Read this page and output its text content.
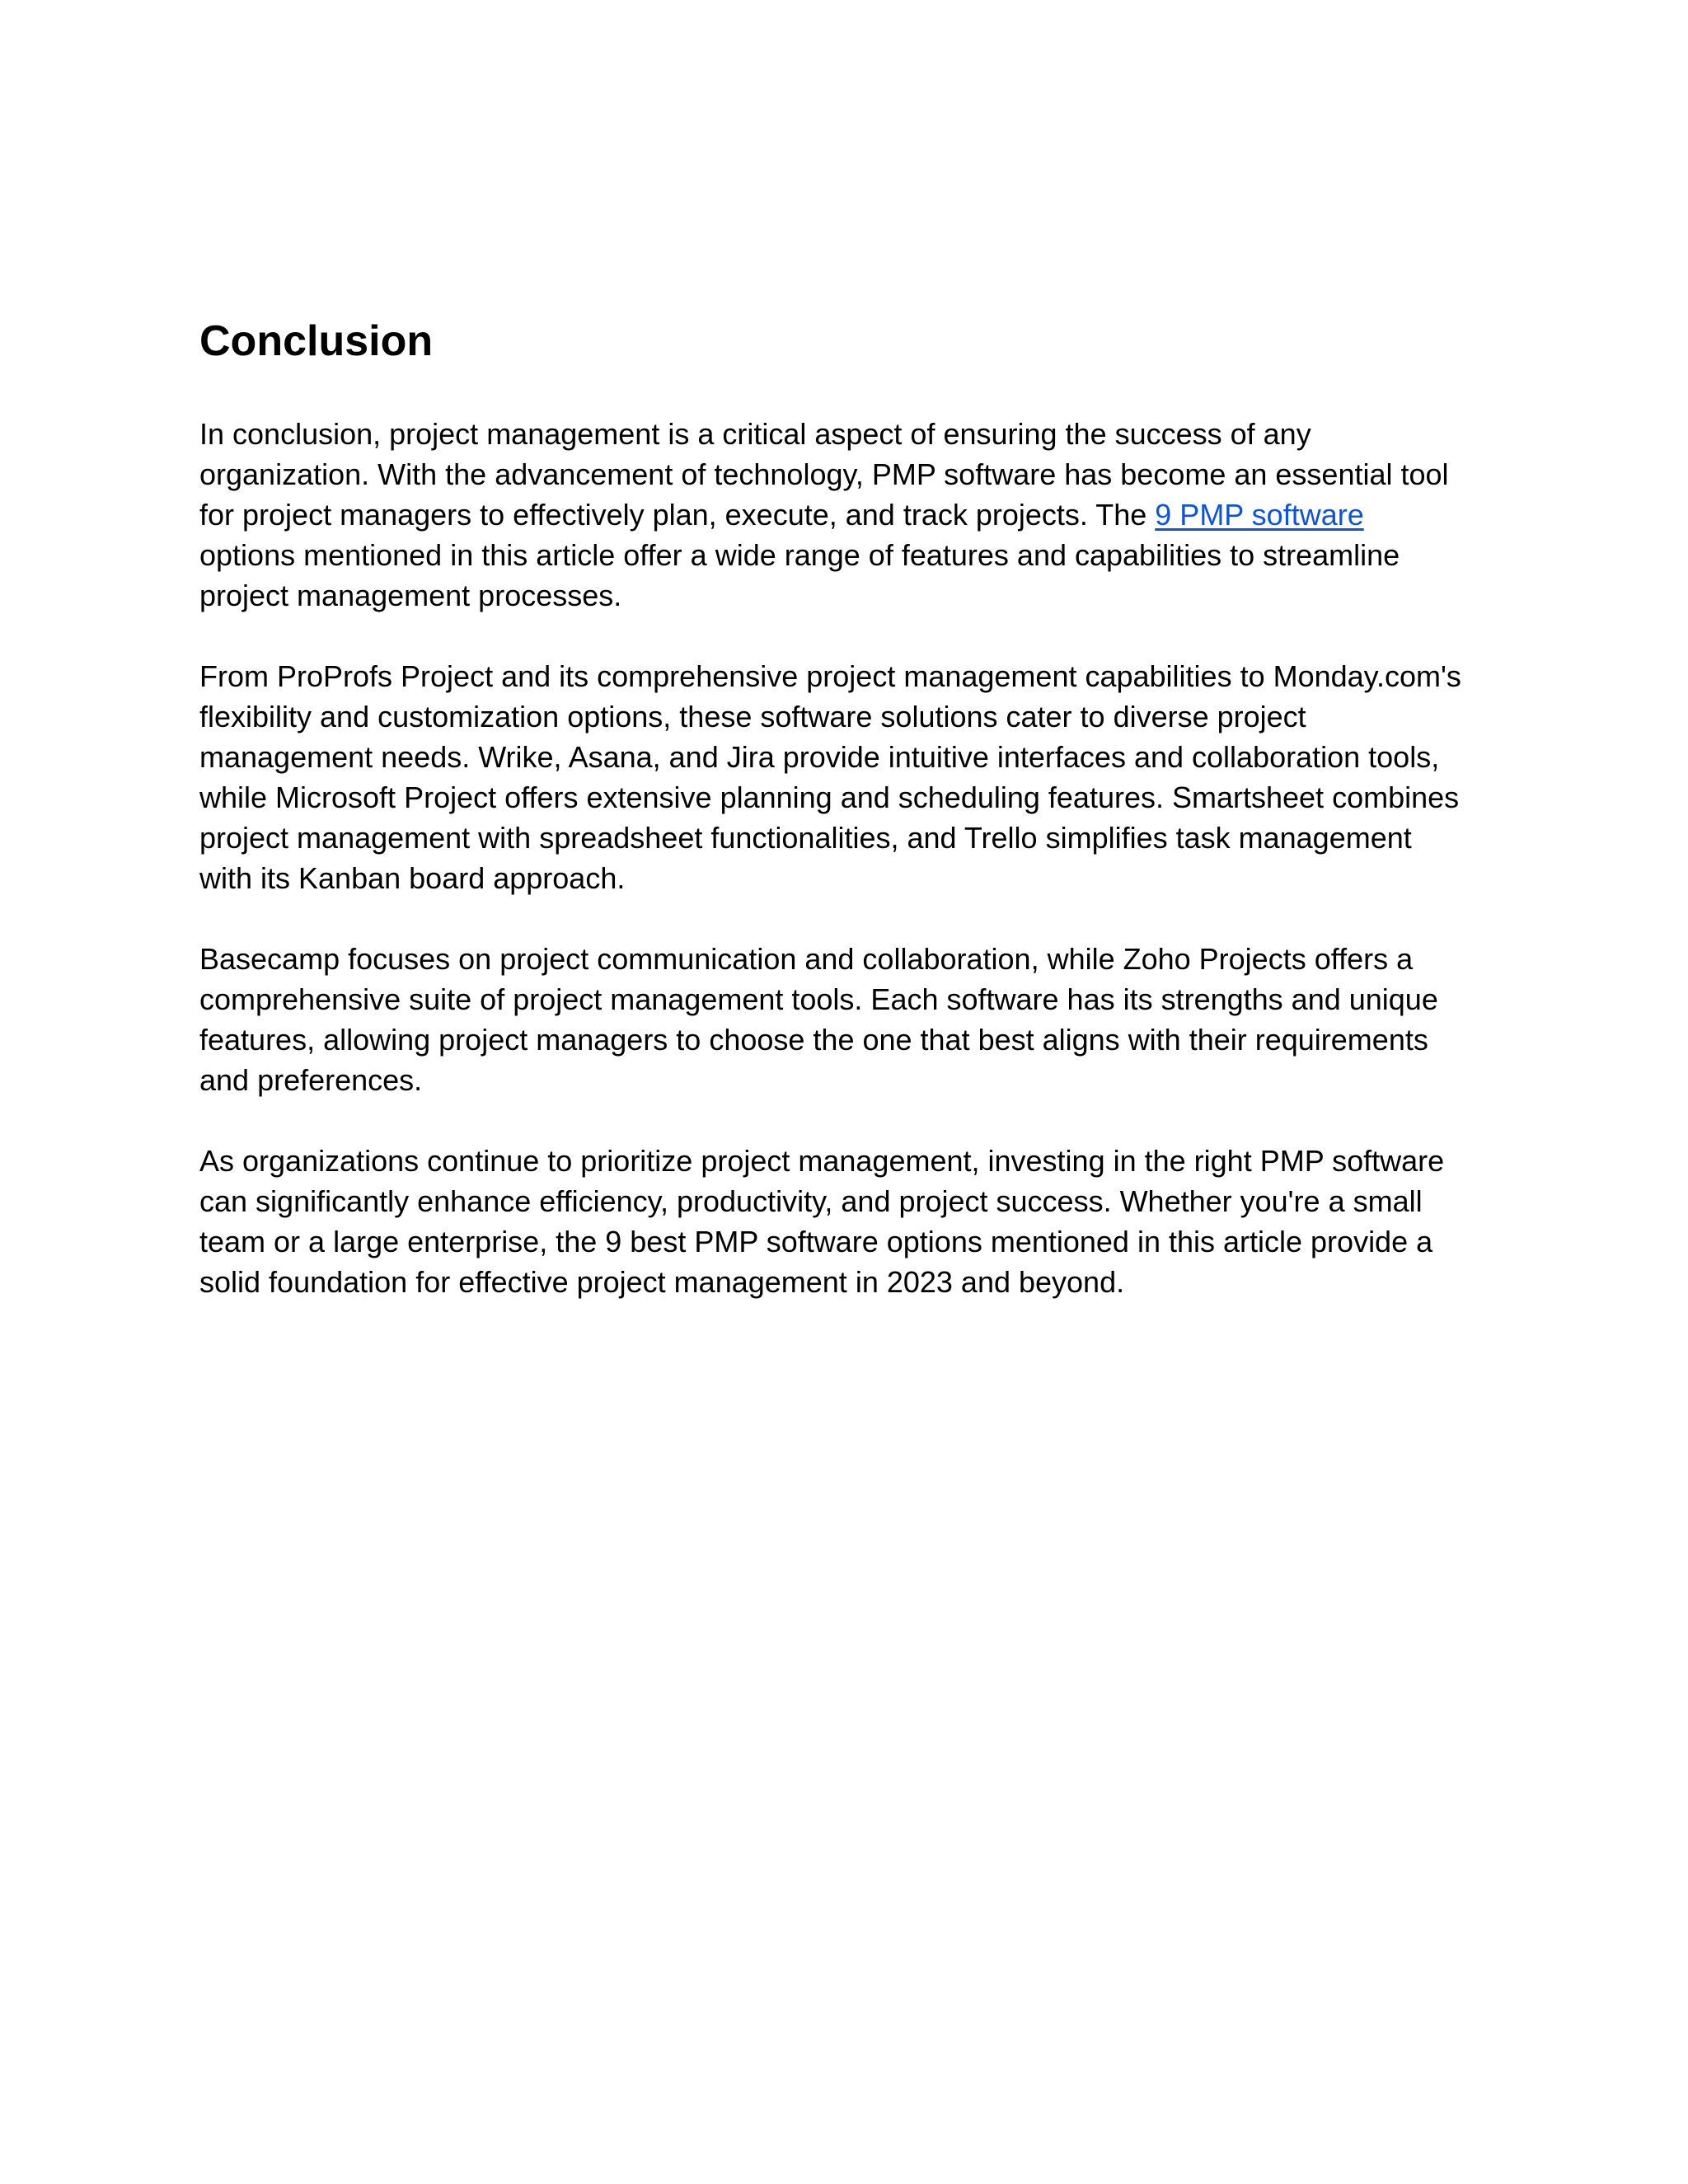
Conclusion

In conclusion, project management is a critical aspect of ensuring the success of any
organization. With the advancement of technology, PMP software has become an essential tool
for project managers to effectively plan, execute, and track projects. The 9 PMP software
options mentioned in this article offer a wide range of features and capabilities to streamline
project management processes.

From ProProfs Project and its comprehensive project management capabilities to Monday.com's
flexibility and customization options, these software solutions cater to diverse project
management needs. Wrike, Asana, and Jira provide intuitive interfaces and collaboration tools,
while Microsoft Project offers extensive planning and scheduling features. Smartsheet combines
project management with spreadsheet functionalities, and Trello simplifies task management
with its Kanban board approach.

Basecamp focuses on project communication and collaboration, while Zoho Projects offers a
comprehensive suite of project management tools. Each software has its strengths and unique
features, allowing project managers to choose the one that best aligns with their requirements
and preferences.

As organizations continue to prioritize project management, investing in the right PMP software
can significantly enhance efficiency, productivity, and project success. Whether you're a small
team or a large enterprise, the 9 best PMP software options mentioned in this article provide a
solid foundation for effective project management in 2023 and beyond.
